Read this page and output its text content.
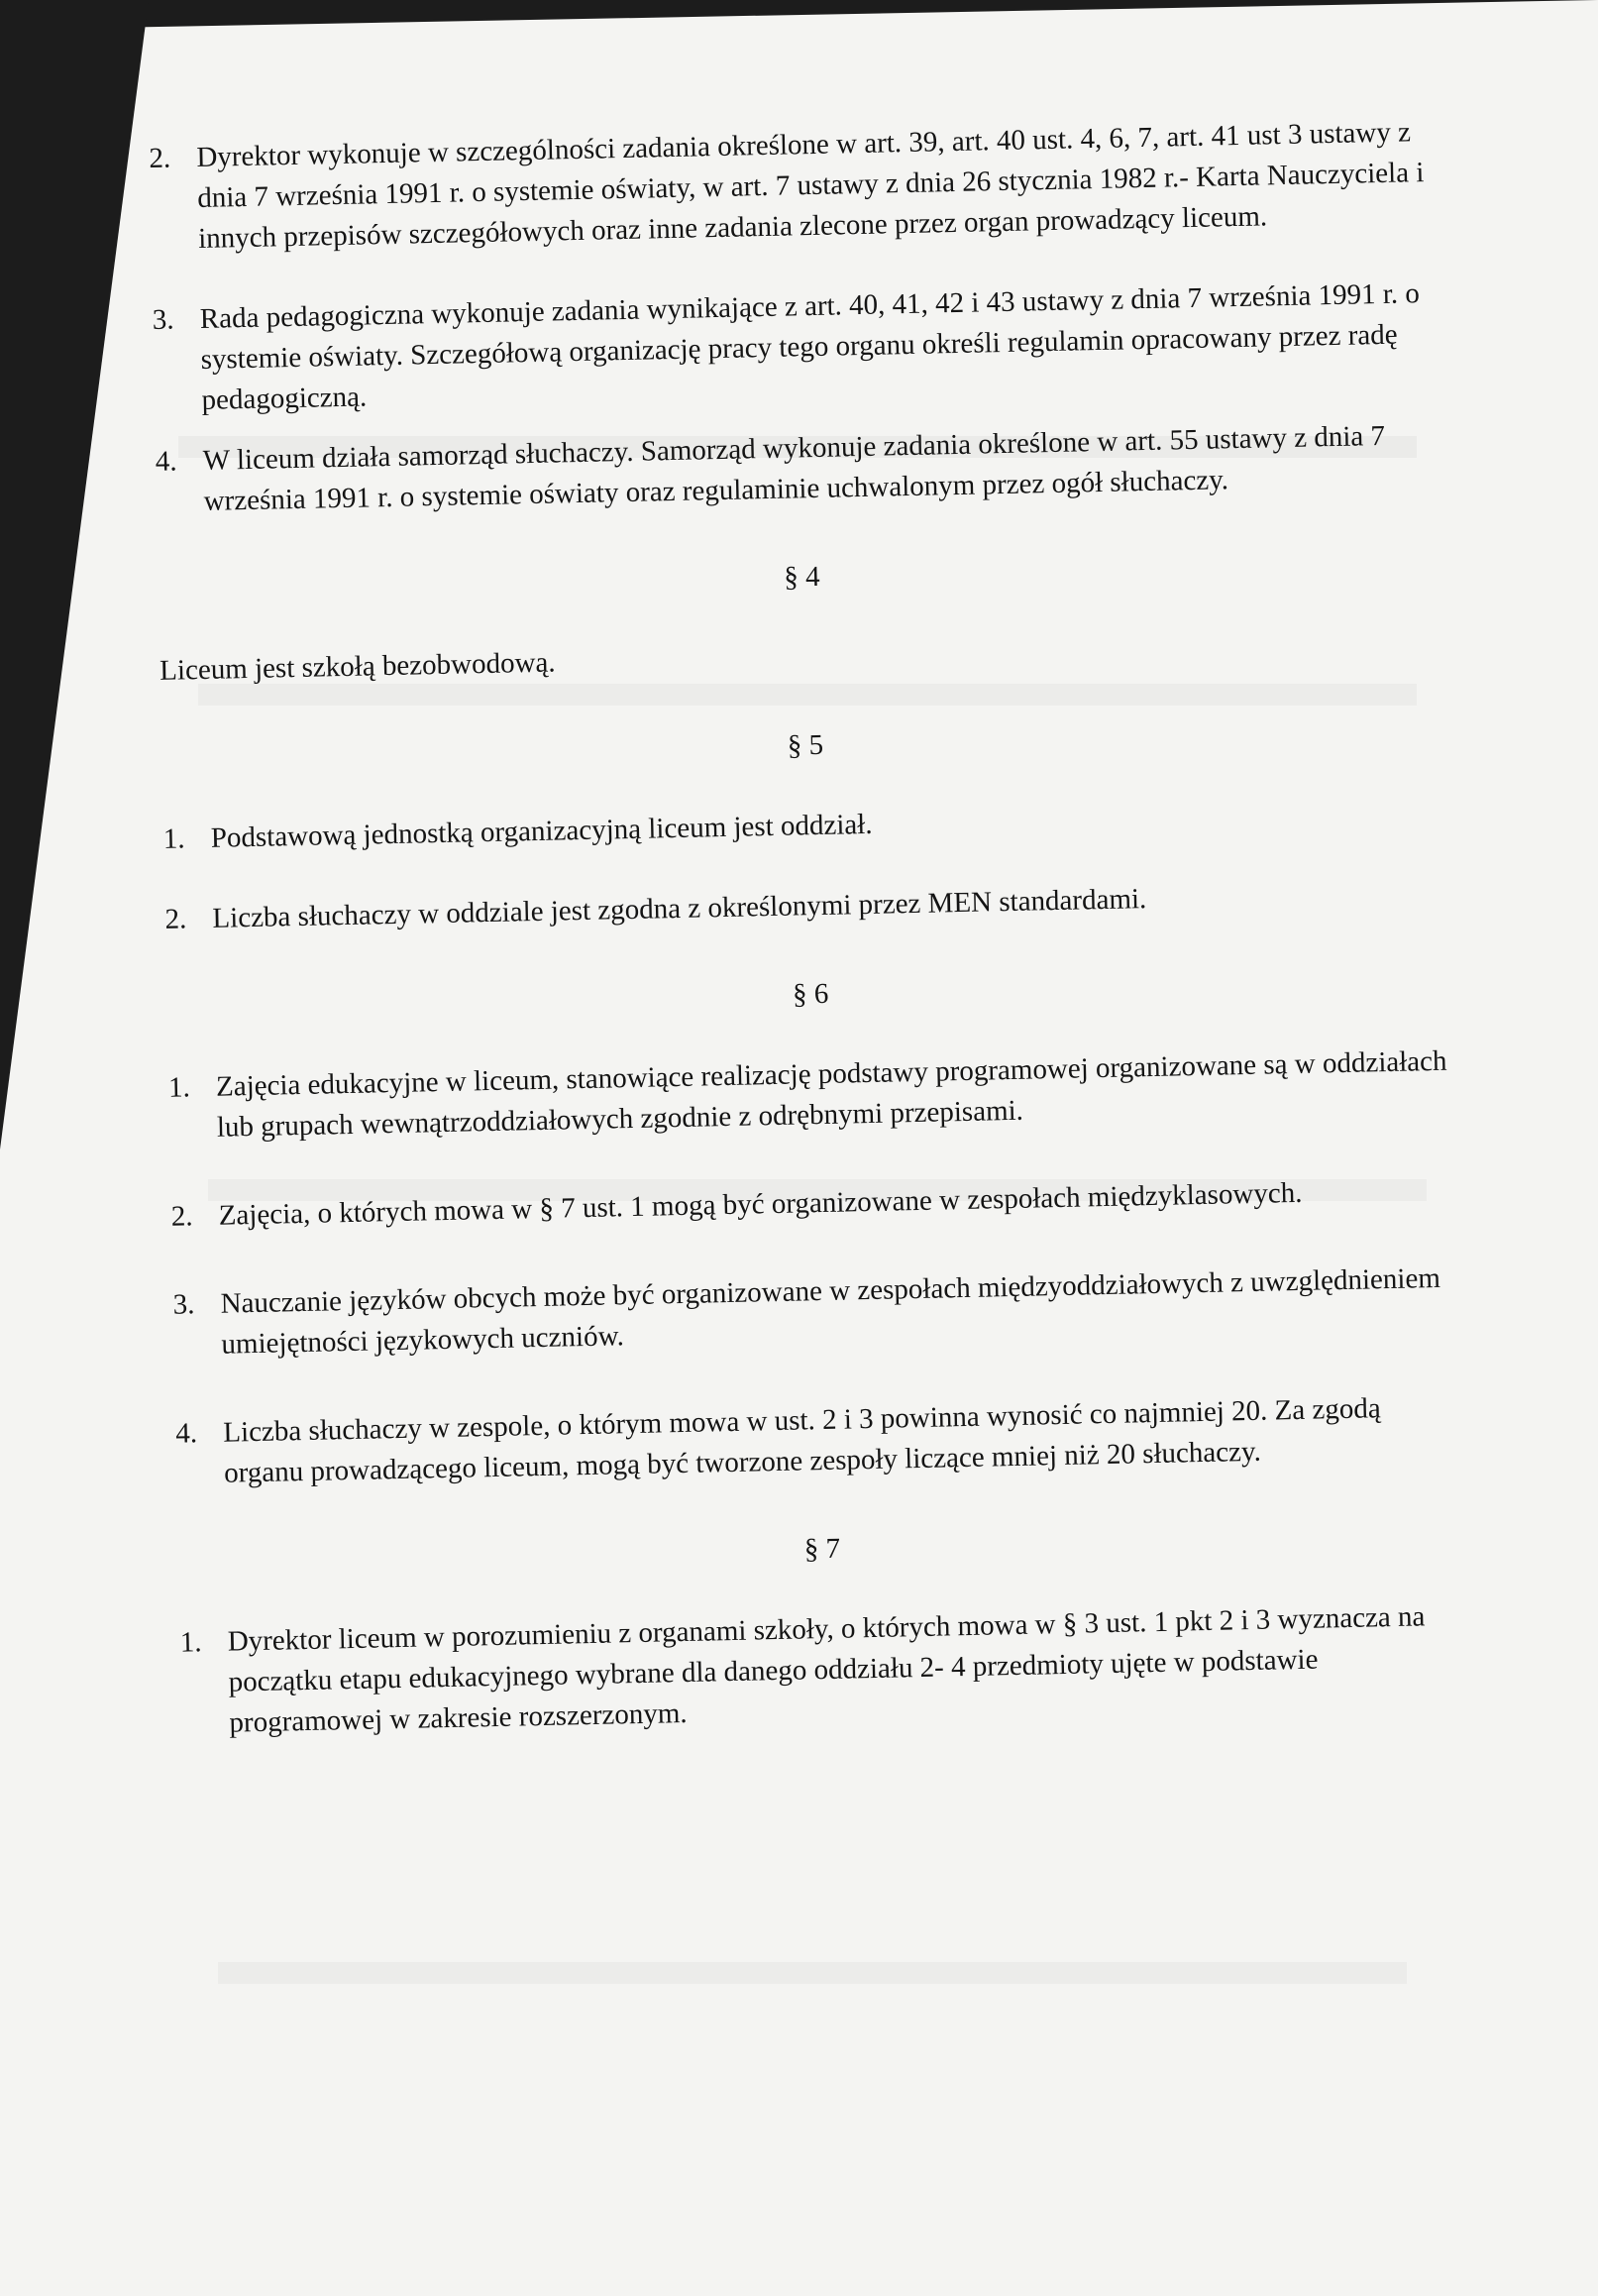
2. Dyrektor wykonuje w szczególności zadania określone w art. 39, art. 40 ust. 4, 6, 7, art. 41 ust 3 ustawy z dnia 7 września 1991 r. o systemie oświaty, w art. 7 ustawy z dnia 26 stycznia 1982 r.- Karta Nauczyciela i innych przepisów szczegółowych oraz inne zadania zlecone przez organ prowadzący liceum.
3. Rada pedagogiczna wykonuje zadania wynikające z art. 40, 41, 42 i 43 ustawy z dnia 7 września 1991 r. o systemie oświaty. Szczegółową organizację pracy tego organu określi regulamin opracowany przez radę pedagogiczną.
4. W liceum działa samorząd słuchaczy. Samorząd wykonuje zadania określone w art. 55 ustawy z dnia 7 września 1991 r. o systemie oświaty oraz regulaminie uchwalonym przez ogół słuchaczy.

§ 4

Liceum jest szkołą bezobwodową.

§ 5

1. Podstawową jednostką organizacyjną liceum jest oddział.
2. Liczba słuchaczy w oddziale jest zgodna z określonymi przez MEN standardami.

§ 6

1. Zajęcia edukacyjne w liceum, stanowiące realizację podstawy programowej organizowane są w oddziałach lub grupach wewnątrzoddziałowych zgodnie z odrębnymi przepisami.
2. Zajęcia, o których mowa w § 7 ust. 1 mogą być organizowane w zespołach międzyklasowych.
3. Nauczanie języków obcych może być organizowane w zespołach międzyoddziałowych z uwzględnieniem umiejętności językowych uczniów.
4. Liczba słuchaczy w zespole, o którym mowa w ust. 2 i 3 powinna wynosić co najmniej 20. Za zgodą organu prowadzącego liceum, mogą być tworzone zespoły liczące mniej niż 20 słuchaczy.

§ 7

1. Dyrektor liceum w porozumieniu z organami szkoły, o których mowa w § 3 ust. 1 pkt 2 i 3 wyznacza na początku etapu edukacyjnego wybrane dla danego oddziału 2- 4 przedmioty ujęte w podstawie programowej w zakresie rozszerzonym.
